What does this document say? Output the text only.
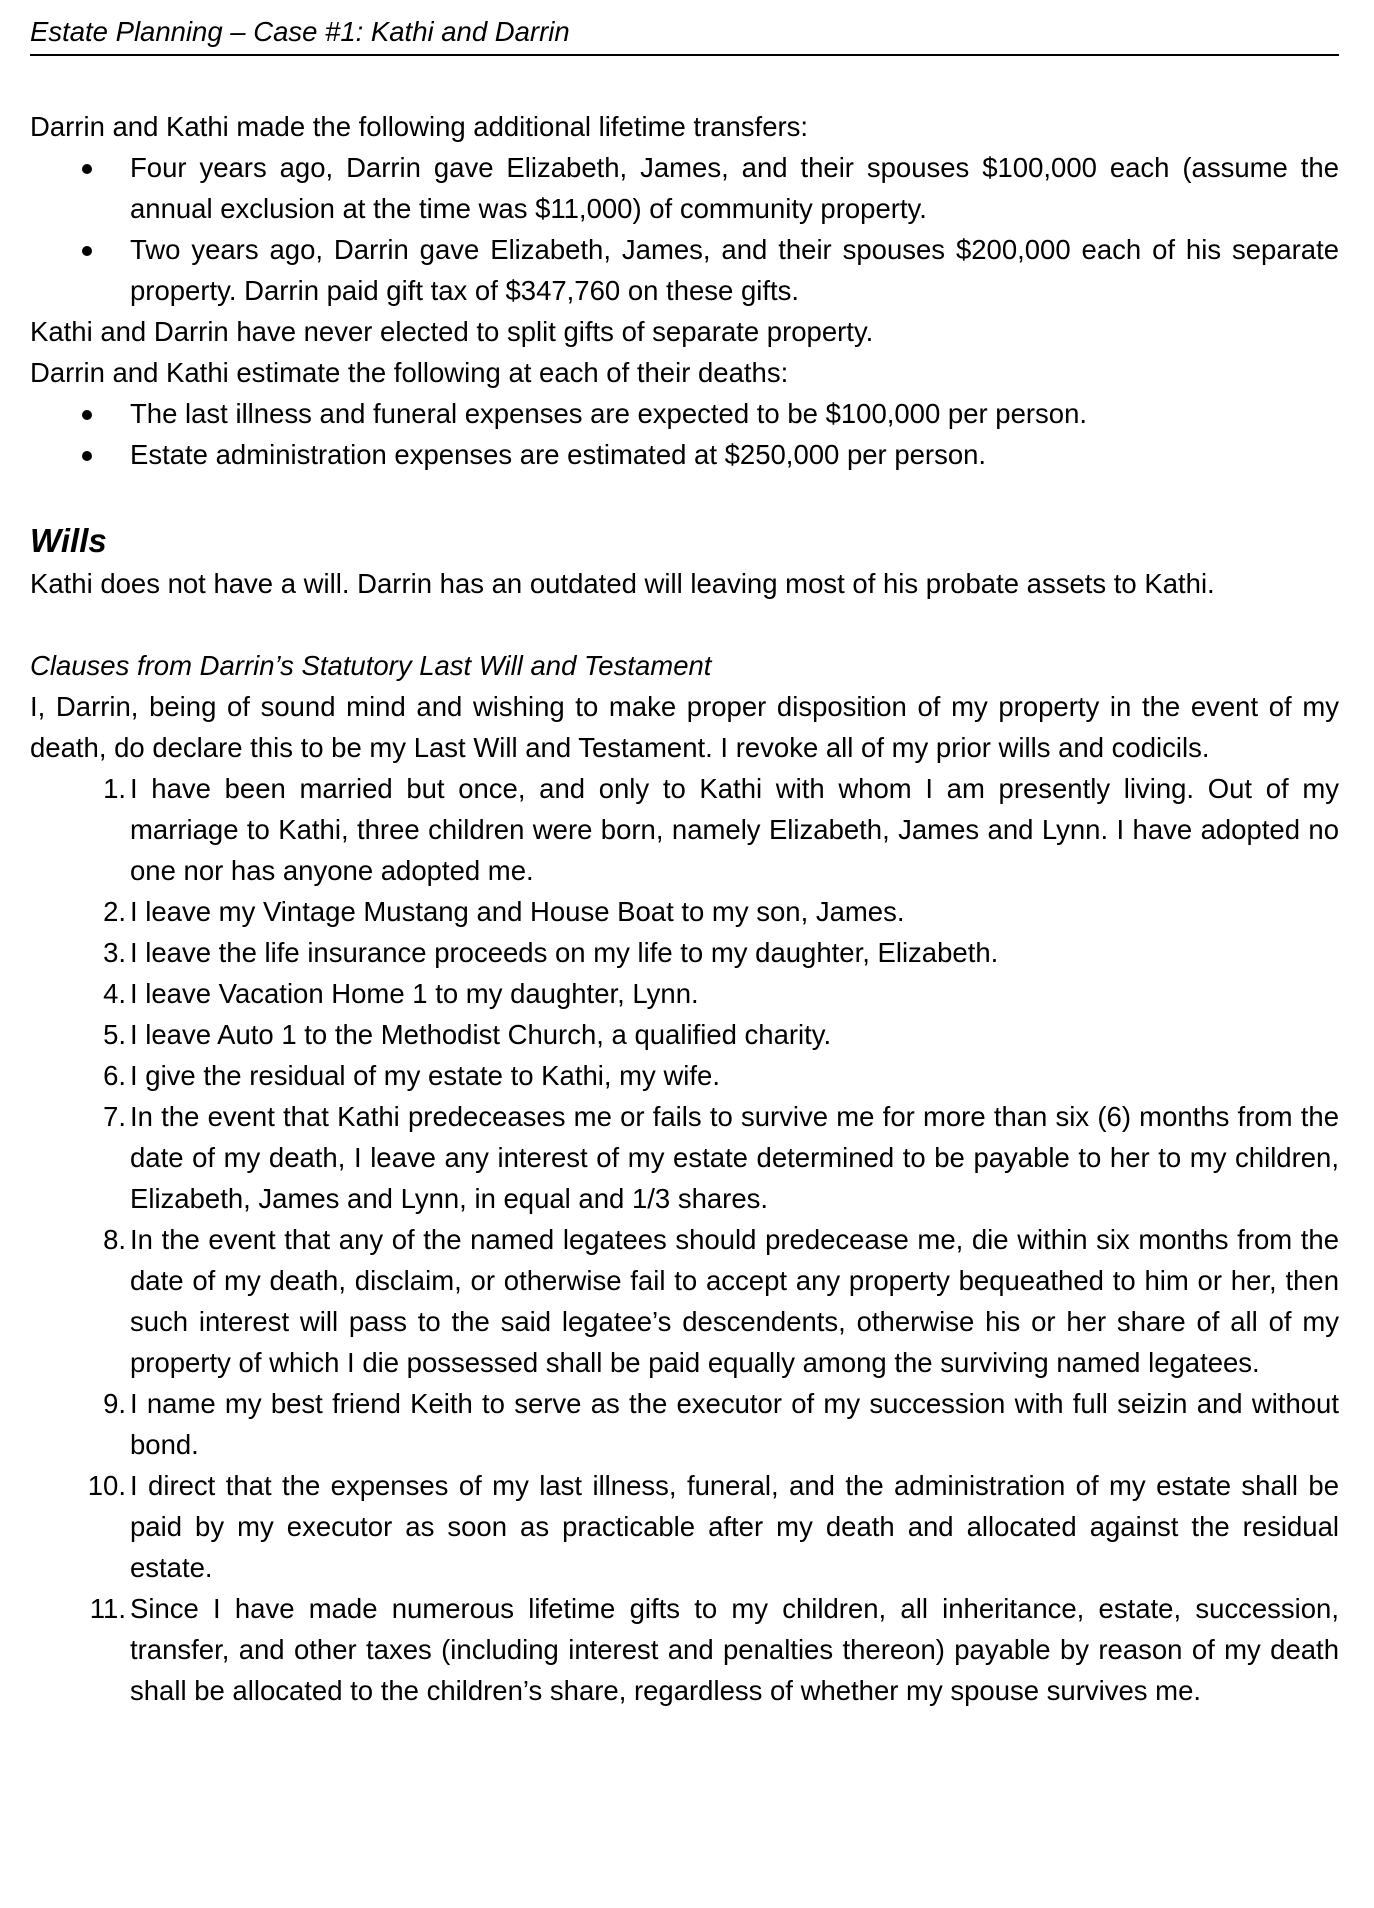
Estate Planning – Case #1: Kathi and Darrin

Darrin and Kathi made the following additional lifetime transfers:

Four years ago, Darrin gave Elizabeth, James, and their spouses $100,000 each (assume the annual exclusion at the time was $11,000) of community property.
Two years ago, Darrin gave Elizabeth, James, and their spouses $200,000 each of his separate property. Darrin paid gift tax of $347,760 on these gifts.

Kathi and Darrin have never elected to split gifts of separate property.

Darrin and Kathi estimate the following at each of their deaths:

The last illness and funeral expenses are expected to be $100,000 per person.
Estate administration expenses are estimated at $250,000 per person.
Wills

Kathi does not have a will. Darrin has an outdated will leaving most of his probate assets to Kathi.

Clauses from Darrin’s Statutory Last Will and Testament

I, Darrin, being of sound mind and wishing to make proper disposition of my property in the event of my death, do declare this to be my Last Will and Testament. I revoke all of my prior wills and codicils.

1. I have been married but once, and only to Kathi with whom I am presently living. Out of my marriage to Kathi, three children were born, namely Elizabeth, James and Lynn. I have adopted no one nor has anyone adopted me.
2. I leave my Vintage Mustang and House Boat to my son, James.
3. I leave the life insurance proceeds on my life to my daughter, Elizabeth.
4. I leave Vacation Home 1 to my daughter, Lynn.
5. I leave Auto 1 to the Methodist Church, a qualified charity.
6. I give the residual of my estate to Kathi, my wife.
7. In the event that Kathi predeceases me or fails to survive me for more than six (6) months from the date of my death, I leave any interest of my estate determined to be payable to her to my children, Elizabeth, James and Lynn, in equal and 1/3 shares.
8. In the event that any of the named legatees should predecease me, die within six months from the date of my death, disclaim, or otherwise fail to accept any property bequeathed to him or her, then such interest will pass to the said legatee’s descendents, otherwise his or her share of all of my property of which I die possessed shall be paid equally among the surviving named legatees.
9. I name my best friend Keith to serve as the executor of my succession with full seizin and without bond.
10. I direct that the expenses of my last illness, funeral, and the administration of my estate shall be paid by my executor as soon as practicable after my death and allocated against the residual estate.
11. Since I have made numerous lifetime gifts to my children, all inheritance, estate, succession, transfer, and other taxes (including interest and penalties thereon) payable by reason of my death shall be allocated to the children’s share, regardless of whether my spouse survives me.
